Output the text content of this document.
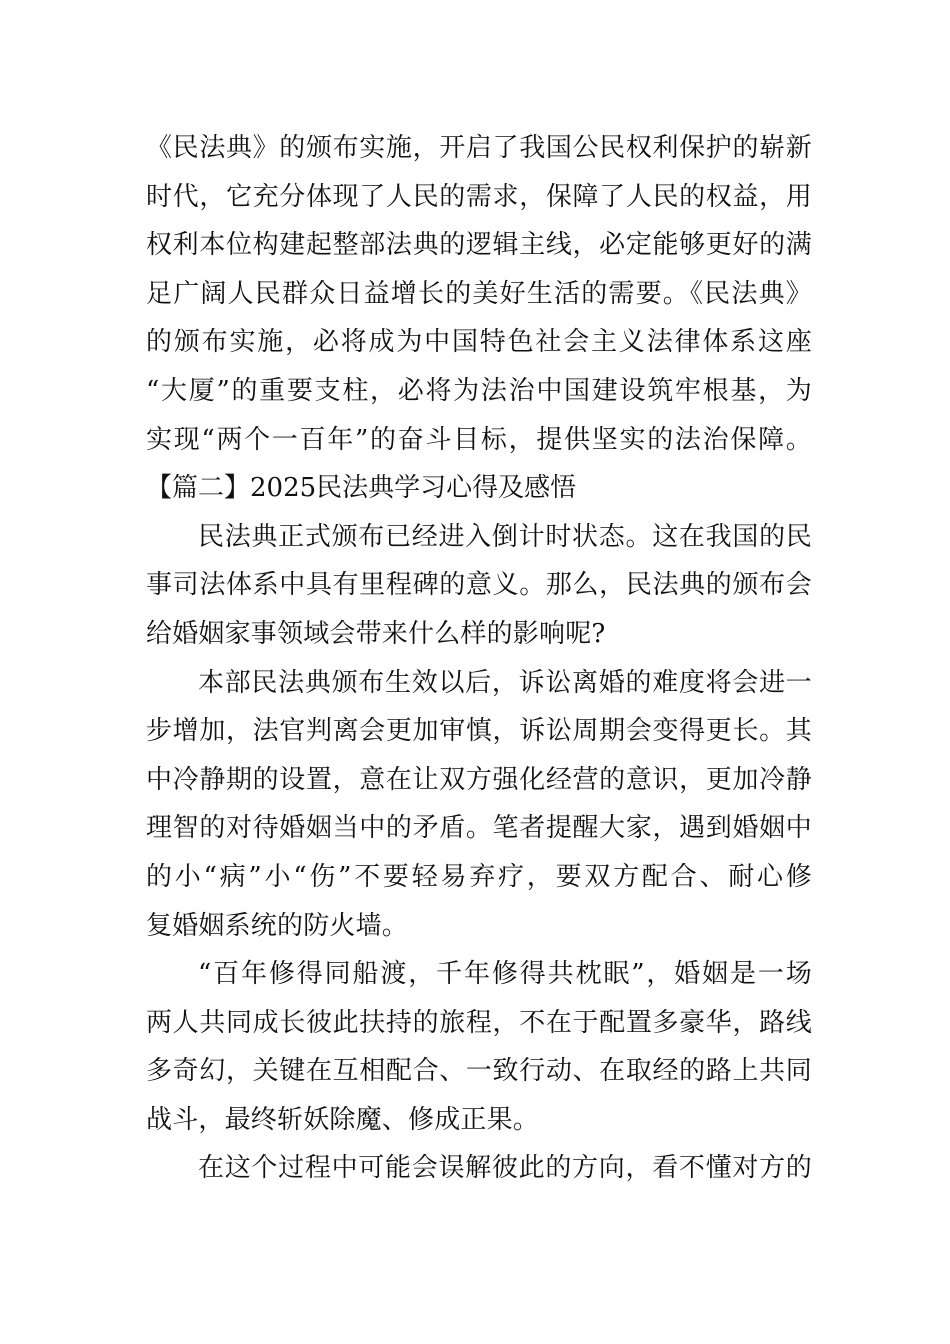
《民法典》的颁布实施，开启了我国公民权利保护的崭新
时代，它充分体现了人民的需求，保障了人民的权益，用
权利本位构建起整部法典的逻辑主线，必定能够更好的满
足广阔人民群众日益增长的美好生活的需要。《民法典》
的颁布实施，必将成为中国特色社会主义法律体系这座
“大厦”的重要支柱，必将为法治中国建设筑牢根基，为
实现“两个一百年”的奋斗目标，提供坚实的法治保障。
【篇二】2025民法典学习心得及感悟
民法典正式颁布已经进入倒计时状态。这在我国的民
事司法体系中具有里程碑的意义。那么，民法典的颁布会
给婚姻家事领域会带来什么样的影响呢?
本部民法典颁布生效以后，诉讼离婚的难度将会进一
步增加，法官判离会更加审慎，诉讼周期会变得更长。其
中冷静期的设置，意在让双方强化经营的意识，更加冷静
理智的对待婚姻当中的矛盾。笔者提醒大家，遇到婚姻中
的小“病”小“伤”不要轻易弃疗，要双方配合、耐心修
复婚姻系统的防火墙。
“百年修得同船渡，千年修得共枕眠”，婚姻是一场
两人共同成长彼此扶持的旅程，不在于配置多豪华，路线
多奇幻，关键在互相配合、一致行动、在取经的路上共同
战斗，最终斩妖除魔、修成正果。
在这个过程中可能会误解彼此的方向，看不懂对方的
